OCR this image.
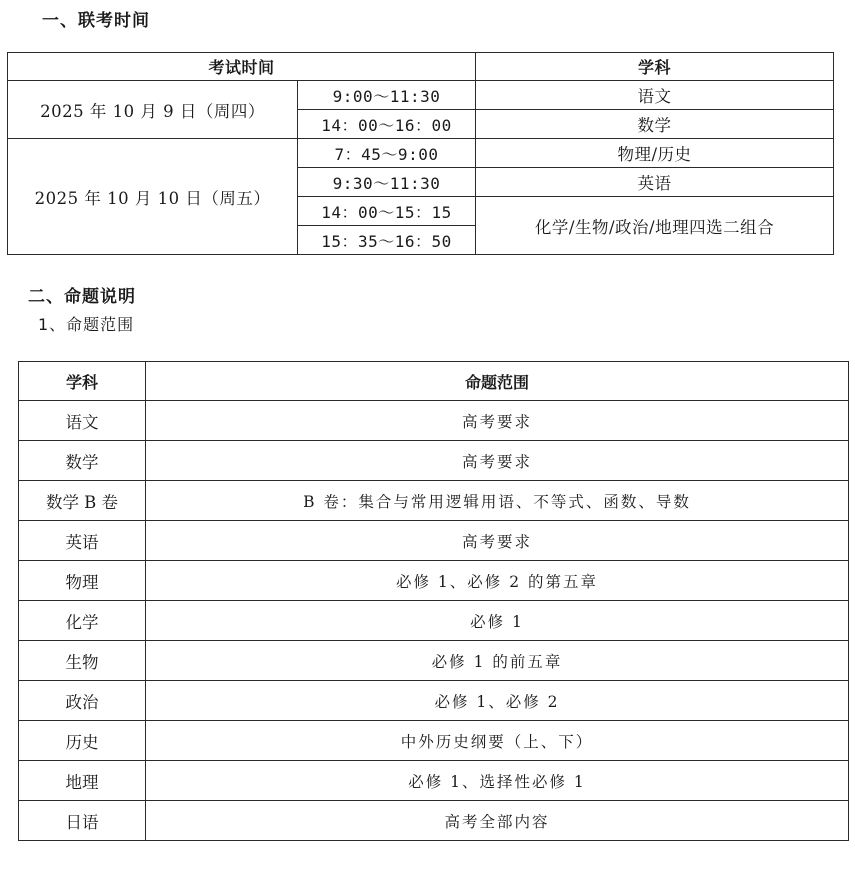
一、联考时间
考试时间		学科
2025 年 10 月 9 日（周四）	9:00～11:30	语文
	14：00～16：00	数学
2025 年 10 月 10 日（周五）	7：45～9:00	物理/历史
	9:30～11:30	英语
	14：00～15：15	化学/生物/政治/地理四选二组合
	15：35～16：50	
二、命题说明
1、命题范围
学科	命题范围
语文	高考要求
数学	高考要求
数学 B 卷	B 卷：集合与常用逻辑用语、不等式、函数、导数
英语	高考要求
物理	必修 1、必修 2 的第五章
化学	必修 1
生物	必修 1 的前五章
政治	必修 1、必修 2
历史	中外历史纲要（上、下）
地理	必修 1、选择性必修 1
日语	高考全部内容
